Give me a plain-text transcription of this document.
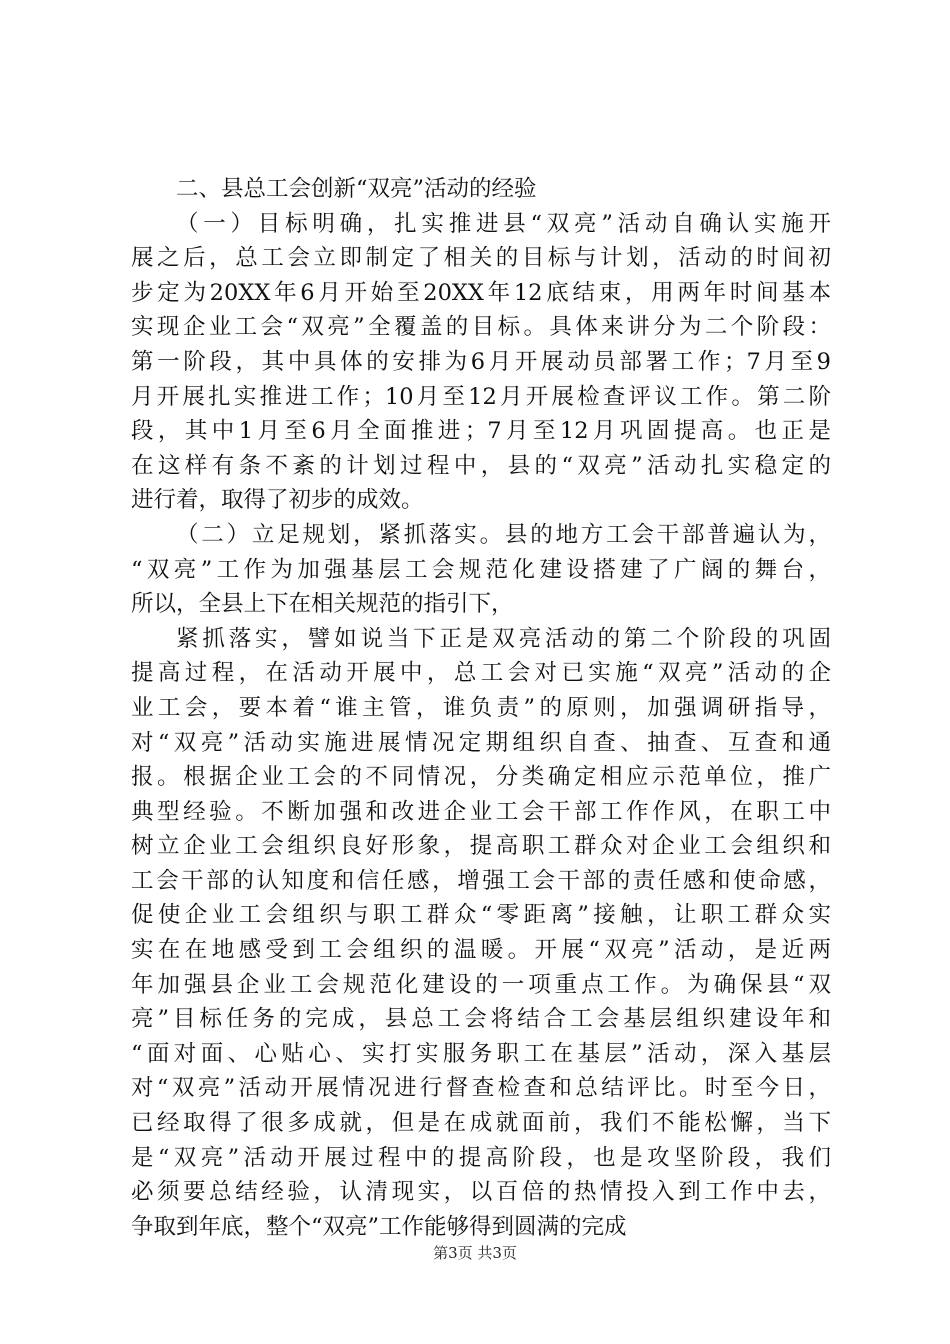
二、县总工会创新“双亮”活动的经验
（一）目标明确，扎实推进县“双亮”活动自确认实施开
展之后，总工会立即制定了相关的目标与计划，活动的时间初
步定为20XX年6月开始至20XX年12底结束，用两年时间基本
实现企业工会“双亮”全覆盖的目标。具体来讲分为二个阶段：
第一阶段，其中具体的安排为6月开展动员部署工作；7月至9
月开展扎实推进工作；10月至12月开展检查评议工作。第二阶
段，其中1月至6月全面推进；7月至12月巩固提高。也正是
在这样有条不紊的计划过程中，县的“双亮”活动扎实稳定的
进行着，取得了初步的成效。
（二）立足规划，紧抓落实。县的地方工会干部普遍认为，
“双亮”工作为加强基层工会规范化建设搭建了广阔的舞台，
所以，全县上下在相关规范的指引下，
紧抓落实，譬如说当下正是双亮活动的第二个阶段的巩固
提高过程，在活动开展中，总工会对已实施“双亮”活动的企
业工会，要本着“谁主管，谁负责”的原则，加强调研指导，
对“双亮”活动实施进展情况定期组织自查、抽查、互查和通
报。根据企业工会的不同情况，分类确定相应示范单位，推广
典型经验。不断加强和改进企业工会干部工作作风，在职工中
树立企业工会组织良好形象，提高职工群众对企业工会组织和
工会干部的认知度和信任感，增强工会干部的责任感和使命感，
促使企业工会组织与职工群众“零距离”接触，让职工群众实
实在在地感受到工会组织的温暖。开展“双亮”活动，是近两
年加强县企业工会规范化建设的一项重点工作。为确保县“双
亮”目标任务的完成，县总工会将结合工会基层组织建设年和
“面对面、心贴心、实打实服务职工在基层”活动，深入基层
对“双亮”活动开展情况进行督查检查和总结评比。时至今日，
已经取得了很多成就，但是在成就面前，我们不能松懈，当下
是“双亮”活动开展过程中的提高阶段，也是攻坚阶段，我们
必须要总结经验，认清现实，以百倍的热情投入到工作中去，
争取到年底，整个“双亮”工作能够得到圆满的完成
第3页 共3页
